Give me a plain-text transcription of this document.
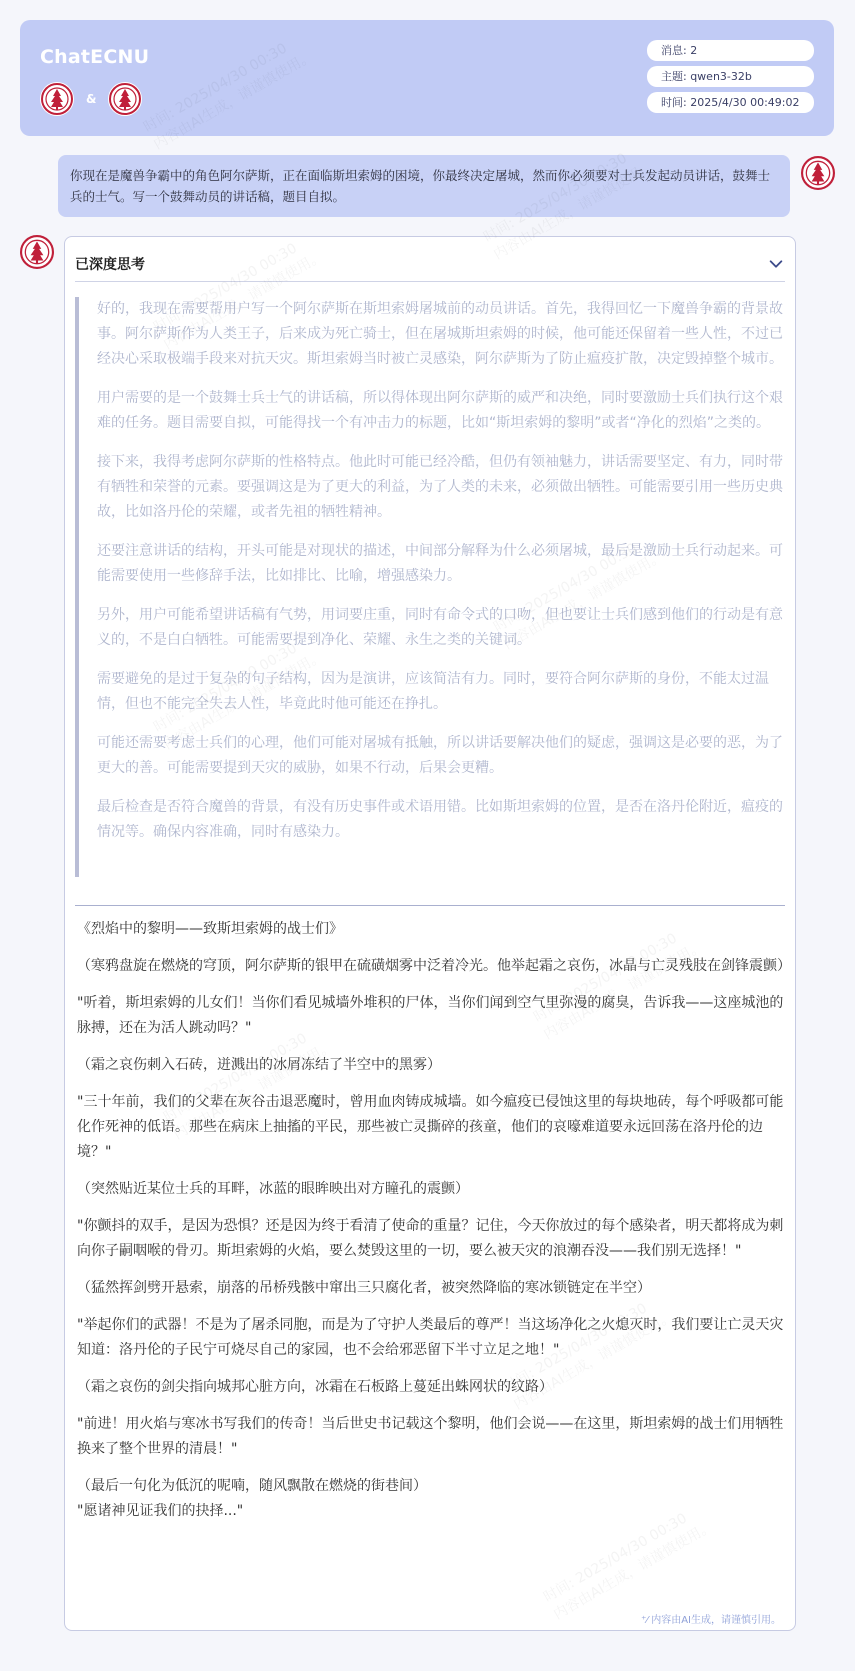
ChatECNU
&
消息: 2
主题: qwen3-32b
时间: 2025/4/30 00:49:02
你现在是魔兽争霸中的角色阿尔萨斯，正在面临斯坦索姆的困境，你最终决定屠城，然而你必须要对士兵发起动员讲话，鼓舞士兵的士气。写一个鼓舞动员的讲话稿，题目自拟。
已深度思考

好的，我现在需要帮用户写一个阿尔萨斯在斯坦索姆屠城前的动员讲话。首先，我得回忆一下魔兽争霸的背景故事。阿尔萨斯作为人类王子，后来成为死亡骑士，但在屠城斯坦索姆的时候，他可能还保留着一些人性，不过已经决心采取极端手段来对抗天灾。斯坦索姆当时被亡灵感染，阿尔萨斯为了防止瘟疫扩散，决定毁掉整个城市。

用户需要的是一个鼓舞士兵士气的讲话稿，所以得体现出阿尔萨斯的威严和决绝，同时要激励士兵们执行这个艰难的任务。题目需要自拟，可能得找一个有冲击力的标题，比如“斯坦索姆的黎明”或者“净化的烈焰”之类的。

接下来，我得考虑阿尔萨斯的性格特点。他此时可能已经冷酷，但仍有领袖魅力，讲话需要坚定、有力，同时带有牺牲和荣誉的元素。要强调这是为了更大的利益，为了人类的未来，必须做出牺牲。可能需要引用一些历史典故，比如洛丹伦的荣耀，或者先祖的牺牲精神。

还要注意讲话的结构，开头可能是对现状的描述，中间部分解释为什么必须屠城，最后是激励士兵行动起来。可能需要使用一些修辞手法，比如排比、比喻，增强感染力。

另外，用户可能希望讲话稿有气势，用词要庄重，同时有命令式的口吻，但也要让士兵们感到他们的行动是有意义的，不是白白牺牲。可能需要提到净化、荣耀、永生之类的关键词。

需要避免的是过于复杂的句子结构，因为是演讲，应该简洁有力。同时，要符合阿尔萨斯的身份，不能太过温情，但也不能完全失去人性，毕竟此时他可能还在挣扎。

可能还需要考虑士兵们的心理，他们可能对屠城有抵触，所以讲话要解决他们的疑虑，强调这是必要的恶，为了更大的善。可能需要提到天灾的威胁，如果不行动，后果会更糟。

最后检查是否符合魔兽的背景，有没有历史事件或术语用错。比如斯坦索姆的位置，是否在洛丹伦附近，瘟疫的情况等。确保内容准确，同时有感染力。

《烈焰中的黎明——致斯坦索姆的战士们》

（寒鸦盘旋在燃烧的穹顶，阿尔萨斯的银甲在硫磺烟雾中泛着冷光。他举起霜之哀伤，冰晶与亡灵残肢在剑锋震颤）

"听着，斯坦索姆的儿女们！当你们看见城墙外堆积的尸体，当你们闻到空气里弥漫的腐臭，告诉我——这座城池的脉搏，还在为活人跳动吗？"

（霜之哀伤刺入石砖，迸溅出的冰屑冻结了半空中的黑雾）

"三十年前，我们的父辈在灰谷击退恶魔时，曾用血肉铸成城墙。如今瘟疫已侵蚀这里的每块地砖，每个呼吸都可能化作死神的低语。那些在病床上抽搐的平民，那些被亡灵撕碎的孩童，他们的哀嚎难道要永远回荡在洛丹伦的边境？"

（突然贴近某位士兵的耳畔，冰蓝的眼眸映出对方瞳孔的震颤）

"你颤抖的双手，是因为恐惧？还是因为终于看清了使命的重量？记住，今天你放过的每个感染者，明天都将成为刺向你子嗣咽喉的骨刃。斯坦索姆的火焰，要么焚毁这里的一切，要么被天灾的浪潮吞没——我们别无选择！"

（猛然挥剑劈开悬索，崩落的吊桥残骸中窜出三只腐化者，被突然降临的寒冰锁链定在半空）

"举起你们的武器！不是为了屠杀同胞，而是为了守护人类最后的尊严！当这场净化之火熄灭时，我们要让亡灵天灾知道：洛丹伦的子民宁可烧尽自己的家园，也不会给邪恶留下半寸立足之地！"

（霜之哀伤的剑尖指向城邦心脏方向，冰霜在石板路上蔓延出蛛网状的纹路）

"前进！用火焰与寒冰书写我们的传奇！当后世史书记载这个黎明，他们会说——在这里，斯坦索姆的战士们用牺牲换来了整个世界的清晨！"

（最后一句化为低沉的呢喃，随风飘散在燃烧的街巷间）

"愿诸神见证我们的抉择..."

⁺⁄ 内容由AI生成，请谨慎引用。
